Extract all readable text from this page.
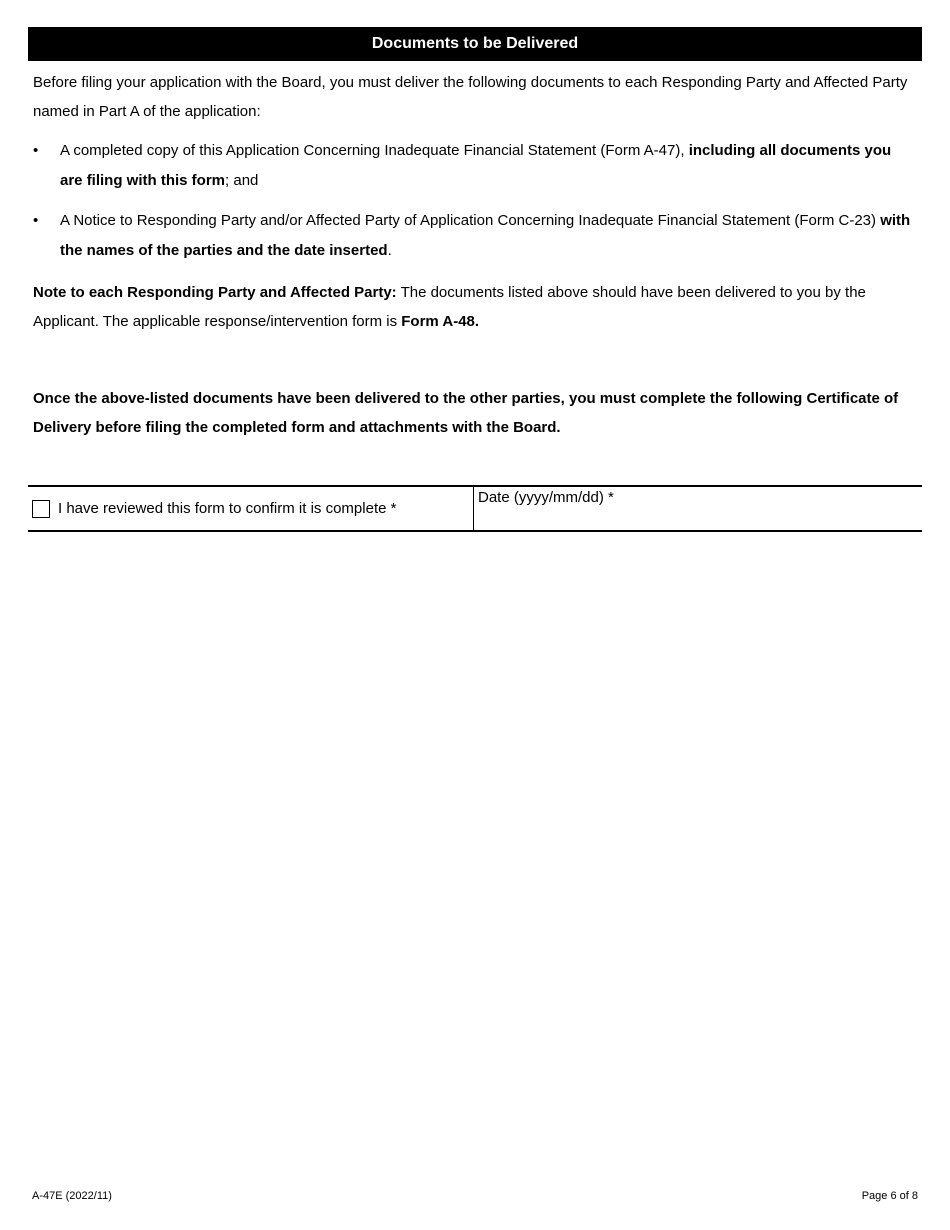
Documents to be Delivered

Before filing your application with the Board, you must deliver the following documents to each Responding Party and Affected Party named in Part A of the application:

• A completed copy of this Application Concerning Inadequate Financial Statement (Form A-47), including all documents you are filing with this form; and
• A Notice to Responding Party and/or Affected Party of Application Concerning Inadequate Financial Statement (Form C-23) with the names of the parties and the date inserted.

Note to each Responding Party and Affected Party: The documents listed above should have been delivered to you by the Applicant. The applicable response/intervention form is Form A-48.

Once the above-listed documents have been delivered to the other parties, you must complete the following Certificate of Delivery before filing the completed form and attachments with the Board.

I have reviewed this form to confirm it is complete *
Date (yyyy/mm/dd) *
A-47E (2022/11)	Page 6 of 8
